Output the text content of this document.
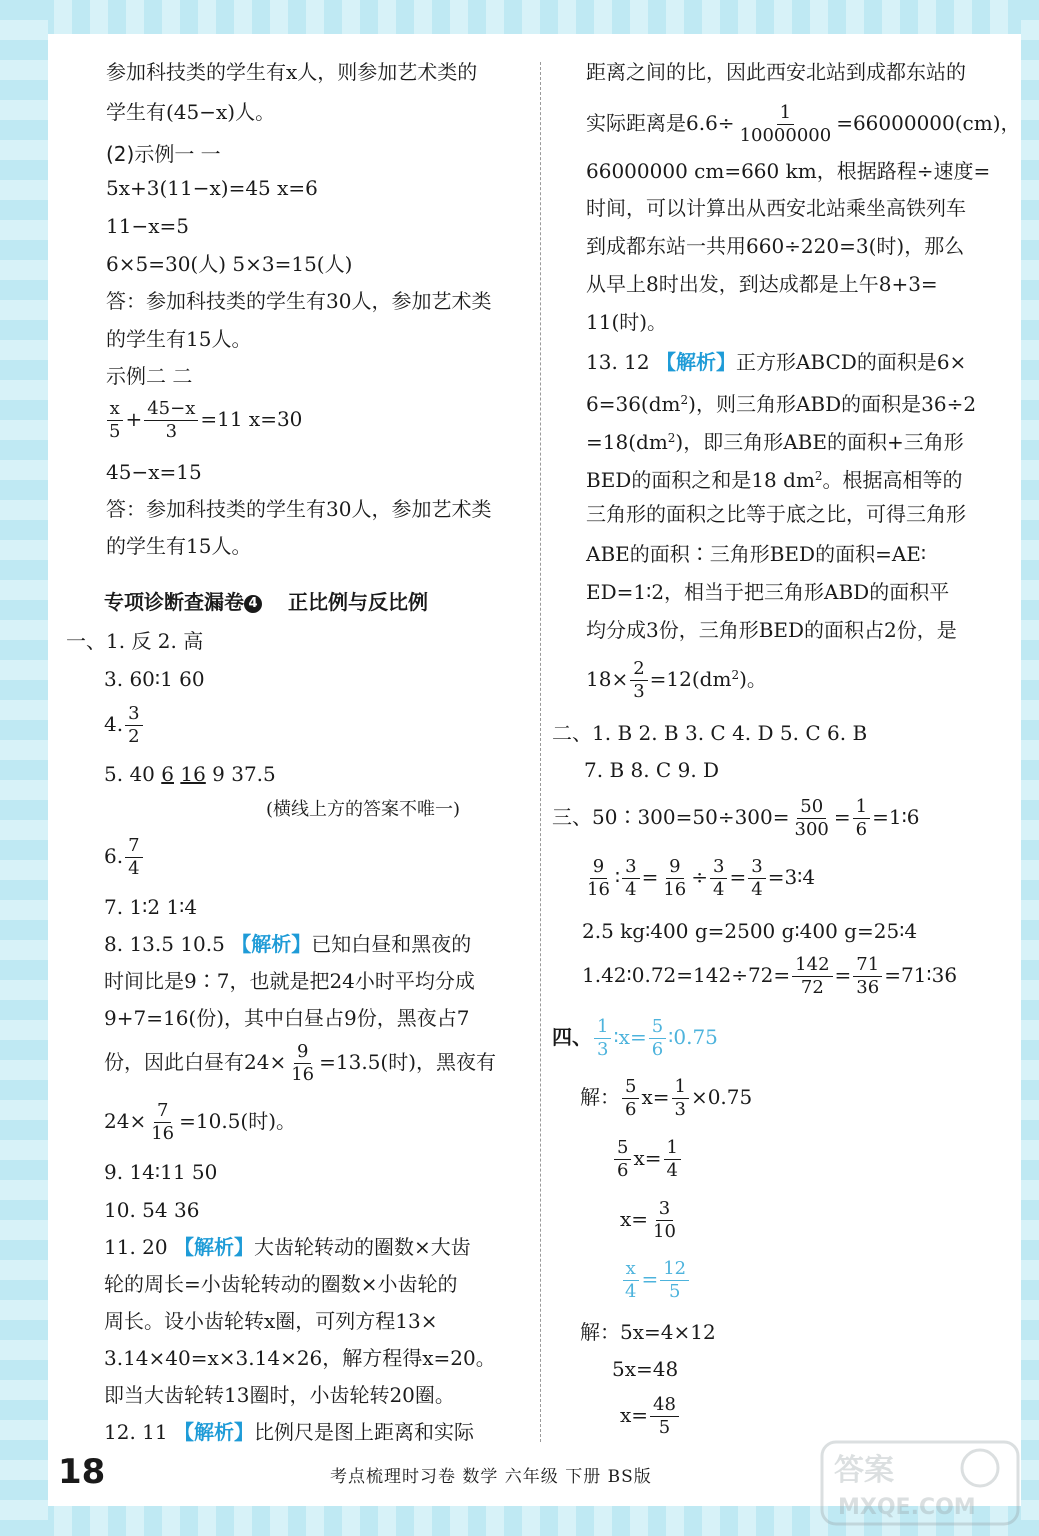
参加科技类的学生有x人，则参加艺术类的
学生有(45−x)人。
(2)示例一 一
5x+3(11−x)=45 x=6
11−x=5
6×5=30(人) 5×3=15(人)
答：参加科技类的学生有30人，参加艺术类
的学生有15人。
示例二 二
$\frac{x}{5} + \frac{45-x}{3} =11$ x=30
45−x=15
答：参加科技类的学生有30人，参加艺术类
的学生有15人。
专项诊断查漏卷 4 正比例与反比例
一、1. 反 2. 高
3. 60∶1 60
4. $\frac{3}{2}$
5. 40 6 16 9 37.5
(横线上方的答案不唯一)
6. $\frac{7}{4}$
7. 1∶2 1∶4
8. 13.5 10.5 【解析】已知白昼和黑夜的
时间比是9∶7，也就是把24小时平均分成
9+7=16(份)，其中白昼占9份，黑夜占7
份，因此白昼有$24\times \frac{9}{16} =13.5$(时)，黑夜有
$24\times \frac{7}{16} =10.5$(时)。
9. 14∶11 50
10. 54 36
11. 20 【解析】大齿轮转动的圈数×大齿
轮的周长=小齿轮转动的圈数×小齿轮的
周长。设小齿轮转x圈，可列方程13×
3.14×40=x×3.14×26，解方程得x=20。
即当大齿轮转13圈时，小齿轮转20圈。
12. 11 【解析】比例尺是图上距离和实际
距离之间的比，因此西安北站到成都东站的
实际距离是$6.6\div \frac{1}{10000000} =66000000(cm)$，
66000000 cm=660 km，根据路程÷速度=
时间，可以计算出从西安北站乘坐高铁列车
到成都东站一共用660÷220=3(时)，那么
从早上8时出发，到达成都是上午8+3=
11(时)。
13. 12 【解析】正方形ABCD的面积是6×
$6=36(dm^2)$，则三角形ABD的面积是36÷2
$=18(dm^2)$，即三角形ABE的面积+三角形
BED的面积之和是18 $dm^2$。根据高相等的
三角形的面积之比等于底之比，可得三角形
ABE的面积∶三角形BED的面积=AE∶
ED=1∶2，相当于把三角形ABD的面积平
均分成3份，三角形BED的面积占2份，是
$18\times \frac{2}{3} =12(dm^2)$。
二、1. B 2. B 3. C 4. D 5. C 6. B
7. B 8. C 9. D
三、50∶300=50÷300= $\frac{50}{300} = \frac{1}{6}$ =1∶6
$\frac{9}{16}$ ∶ $\frac{3}{4} = \frac{9}{16} \div \frac{3}{4} = \frac{3}{4}$ =3∶4
2.5 kg∶400 g=2500 g∶400 g=25∶4
1.42∶0.72=142÷72= $\frac{142}{72} = \frac{71}{36}$ =71∶36
四、 $\frac{1}{3}$ ∶x= $\frac{5}{6}$ ∶0.75
解： $\frac{5}{6} x= \frac{1}{3} \times 0.75$
$\frac{5}{6} x= \frac{1}{4}$
$x= \frac{3}{10}$
$\frac{x}{4} = \frac{12}{5}$
解：5x=4×12
5x=48
$x= \frac{48}{5}$
18	考点梳理时习卷 数学 六年级 下册 BS版	答案
MXQE.COM
